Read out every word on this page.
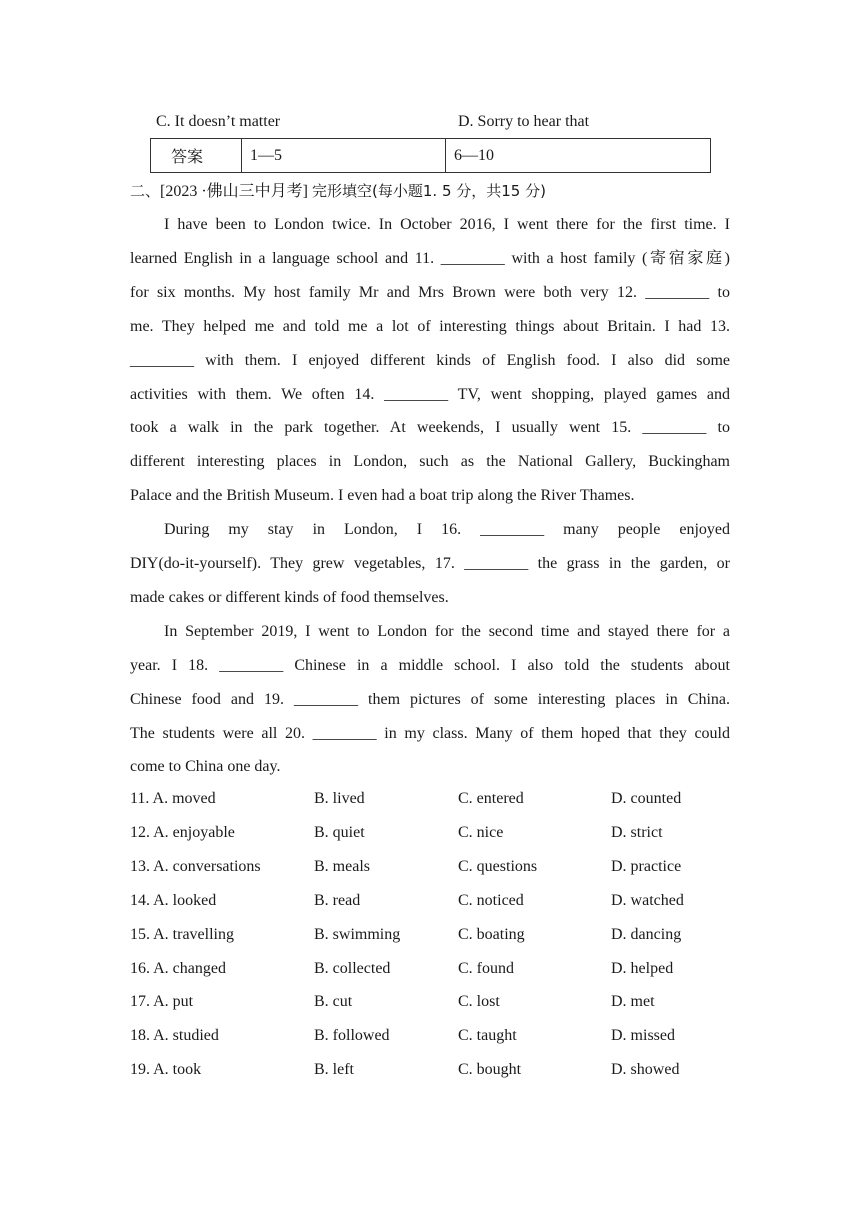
C. It doesn’t matter	D. Sorry to hear that
答案	1—5	6—10
二、[2023 ·佛山三中月考] 完形填空(每小题1. 5 分，共15 分)
I have been to London twice. In October 2016, I went there for the first time. I
learned English in a language school and 11. ________ with a host family (寄宿家庭)
for six months. My host family Mr and Mrs Brown were both very 12. ________ to
me. They helped me and told me a lot of interesting things about Britain. I had 13.
________ with them. I enjoyed different kinds of English food. I also did some
activities with them. We often 14. ________ TV, went shopping, played games and
took a walk in the park together. At weekends, I usually went 15. ________ to
different interesting places in London, such as the National Gallery, Buckingham
Palace and the British Museum. I even had a boat trip along the River Thames.
During my stay in London, I 16. ________ many people enjoyed
DIY(do-it-yourself). They grew vegetables, 17. ________ the grass in the garden, or
made cakes or different kinds of food themselves.
In September 2019, I went to London for the second time and stayed there for a
year. I 18. ________ Chinese in a middle school. I also told the students about
Chinese food and 19. ________ them pictures of some interesting places in China.
The students were all 20. ________ in my class. Many of them hoped that they could
come to China one day.
11. A. moved	B. lived	C. entered	D. counted
12. A. enjoyable	B. quiet	C. nice	D. strict
13. A. conversations	B. meals	C. questions	D. practice
14. A. looked	B. read	C. noticed	D. watched
15. A. travelling	B. swimming	C. boating	D. dancing
16. A. changed	B. collected	C. found	D. helped
17. A. put	B. cut	C. lost	D. met
18. A. studied	B. followed	C. taught	D. missed
19. A. took	B. left	C. bought	D. showed
